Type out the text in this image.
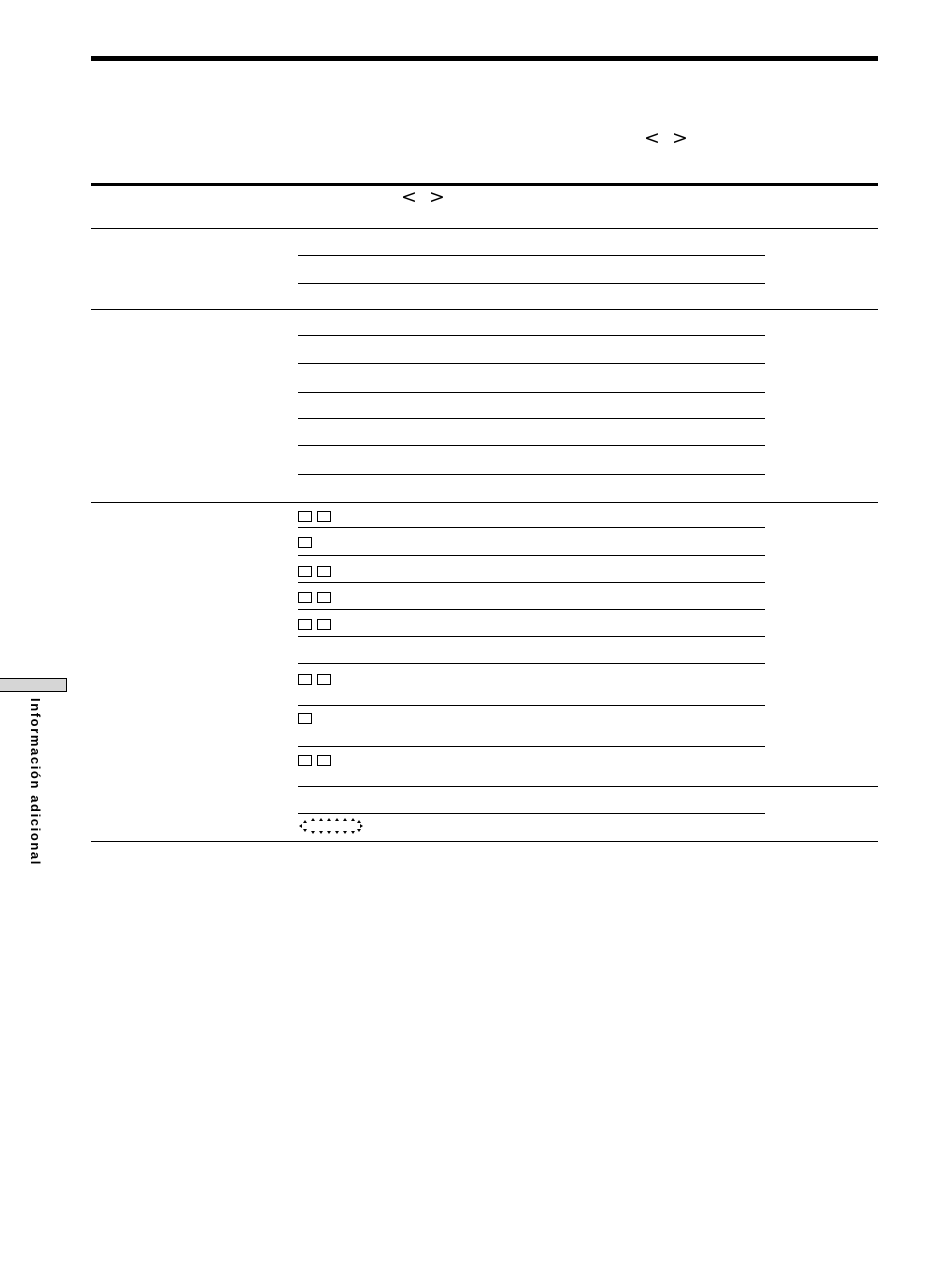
< >
< >
Información adicional
